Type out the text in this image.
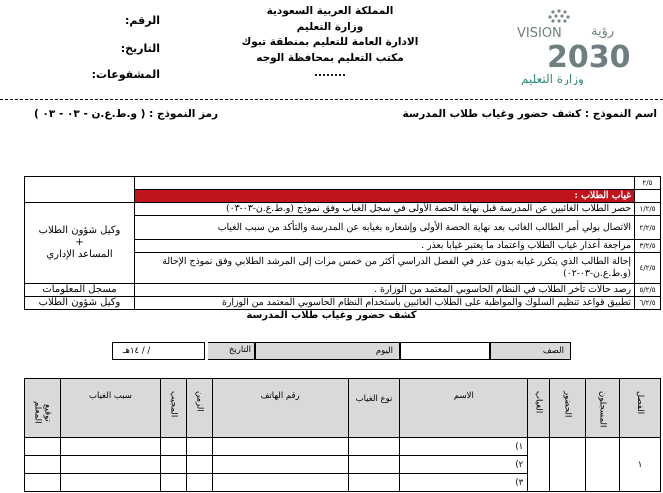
المملكة العربية السعودية
وزارة التعليم
الادارة العامة للتعليم بمنطقة تبوك
مكتب التعليم بمحافظة الوجه
........
الرقم:
التاريخ:
المشفوعات:
VISION رؤية
2030
وزارة التعليم
اسم النموذج : كشف حضور وغياب طلاب المدرسة
رمز النموذج : ( و.ط.ع.ن - ٠٣ - ٠٣ )
٢/٥		
	غياب الطلاب :	
١/٢/٥	حصر الطلاب الغائبين عن المدرسة قبل نهاية الحصة الأولى في سجل الغياب وفق نموذج (و.ط.ع.ن-٠٣-٠٣)	وكيل شؤون الطلاب
+
المساعد الإداري

٢/٢/٥	الاتصال بولي أمر الطالب الغائب بعد نهاية الحصة الأولى وإشعاره بغيابه عن المدرسة والتأكد من سبب الغياب	
٣/٢/٥	مراجعة أعذار غياب الطلاب واعتماد ما يعتبر غيابا بعذر .	
٤/٢/٥	إحالة الطالب الذي يتكرر غيابه بدون عذر في الفصل الدراسي أكثر من خمس مرات إلى المرشد الطلابي وفق نموذج الإحالة (و.ط.ع.ن-٠٣-٠٢)	
٥/٢/٥	رصد حالات تأخر الطلاب في النظام الحاسوبي المعتمد من الوزارة .	مسجل المعلومات
٦/٢/٥	تطبيق قواعد تنظيم السلوك والمواظبة على الطلاب الغائبين باستخدام النظام الحاسوبي المعتمد من الوزارة	وكيل شؤون الطلاب
كشف حضور وغياب طلاب المدرسة
الصف
اليوم
التاريخ
/ / ١٤هـ
الفصل	المسجلون	الحضور	الغياب	الاسم	نوع الغياب	رقم الهاتف	الزمن	المجيب	سبب الغياب	توقيع المعلم
١				١)						
				٢)						
				٣)						
